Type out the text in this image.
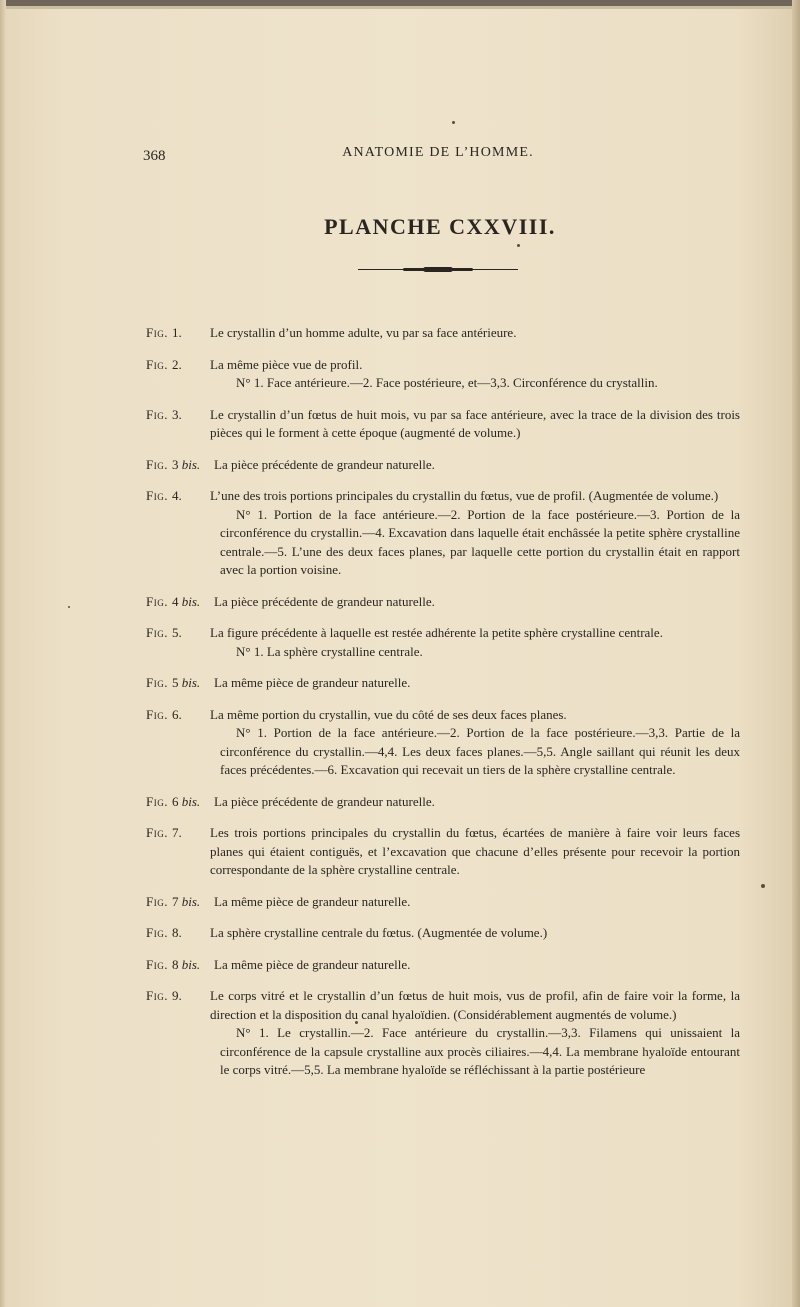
368	ANATOMIE DE L’HOMME.
PLANCHE CXXVIII.
Fig. 1.	Le crystallin d’un homme adulte, vu par sa face antérieure.
Fig. 2.	La même pièce vue de profil.
N° 1. Face antérieure.—2. Face postérieure, et—3,3. Circonférence du crystallin.
Fig. 3.	Le crystallin d’un fœtus de huit mois, vu par sa face antérieure, avec la trace de la division des trois pièces qui le forment à cette époque (augmenté de volume.)
Fig. 3 bis.	La pièce précédente de grandeur naturelle.
Fig. 4.	L’une des trois portions principales du crystallin du fœtus, vue de profil. (Augmentée de volume.)
N° 1. Portion de la face antérieure.—2. Portion de la face postérieure.—3. Portion de la circonférence du crystallin.—4. Excavation dans laquelle était enchâssée la petite sphère crystalline centrale.—5. L’une des deux faces planes, par laquelle cette portion du crystallin était en rapport avec la portion voisine.
Fig. 4 bis.	La pièce précédente de grandeur naturelle.
Fig. 5.	La figure précédente à laquelle est restée adhérente la petite sphère crystalline centrale.
N° 1. La sphère crystalline centrale.
Fig. 5 bis.	La même pièce de grandeur naturelle.
Fig. 6.	La même portion du crystallin, vue du côté de ses deux faces planes.
N° 1. Portion de la face antérieure.—2. Portion de la face postérieure.—3,3. Partie de la circonférence du crystallin.—4,4. Les deux faces planes.—5,5. Angle saillant qui réunit les deux faces précédentes.—6. Excavation qui recevait un tiers de la sphère crystalline centrale.
Fig. 6 bis.	La pièce précédente de grandeur naturelle.
Fig. 7.	Les trois portions principales du crystallin du fœtus, écartées de manière à faire voir leurs faces planes qui étaient contiguës, et l’excavation que chacune d’elles présente pour recevoir la portion correspondante de la sphère crystalline centrale.
Fig. 7 bis.	La même pièce de grandeur naturelle.
Fig. 8.	La sphère crystalline centrale du fœtus. (Augmentée de volume.)
Fig. 8 bis.	La même pièce de grandeur naturelle.
Fig. 9.	Le corps vitré et le crystallin d’un fœtus de huit mois, vus de profil, afin de faire voir la forme, la direction et la disposition du canal hyaloïdien. (Considérablement augmentés de volume.)
N° 1. Le crystallin.—2. Face antérieure du crystallin.—3,3. Filamens qui unissaient la circonférence de la capsule crystalline aux procès ciliaires.—4,4. La membrane hyaloïde entourant le corps vitré.—5,5. La membrane hyaloïde se réfléchissant à la partie postérieure
